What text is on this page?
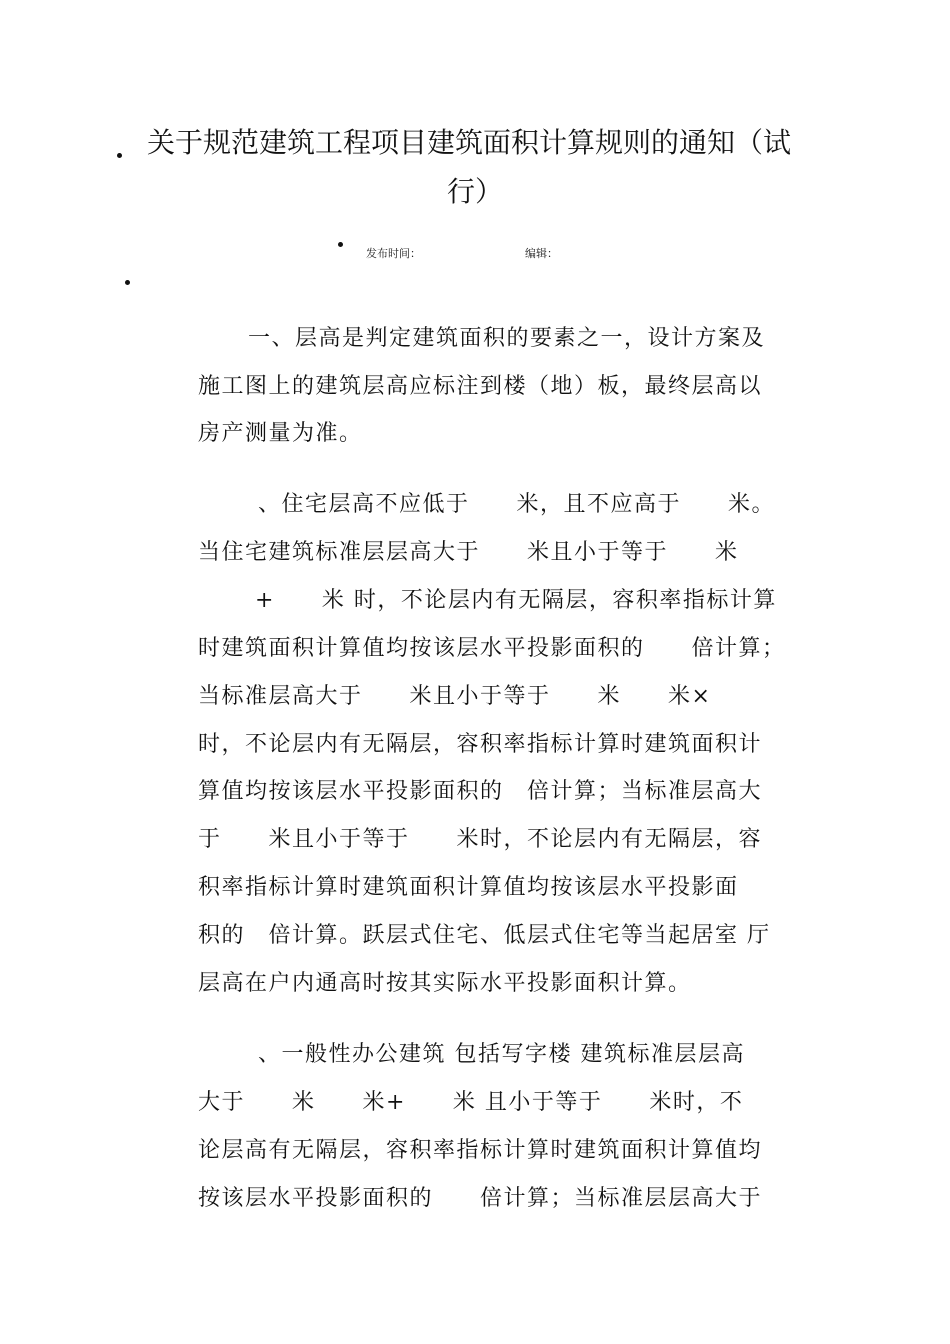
关于规范建筑工程项目建筑面积计算规则的通知（试
行）
发布时间：	编辑：
一、层高是判定建筑面积的要素之一，设计方案及
施工图上的建筑层高应标注到楼（地）板，最终层高以
房产测量为准。
、住宅层高不应低于　　米，且不应高于　　米。
当住宅建筑标准层层高大于　　米且小于等于　　米
+　　米 时，不论层内有无隔层，容积率指标计算
时建筑面积计算值均按该层水平投影面积的　　倍计算；
当标准层高大于　　米且小于等于　　米　　米×
时，不论层内有无隔层，容积率指标计算时建筑面积计
算值均按该层水平投影面积的　倍计算；当标准层高大
于　　米且小于等于　　米时，不论层内有无隔层，容
积率指标计算时建筑面积计算值均按该层水平投影面
积的　倍计算。跃层式住宅、低层式住宅等当起居室 厅
层高在户内通高时按其实际水平投影面积计算。
、一般性办公建筑 包括写字楼 建筑标准层层高
大于　　米　　米+　　米 且小于等于　　米时，不
论层高有无隔层，容积率指标计算时建筑面积计算值均
按该层水平投影面积的　　倍计算；当标准层层高大于
